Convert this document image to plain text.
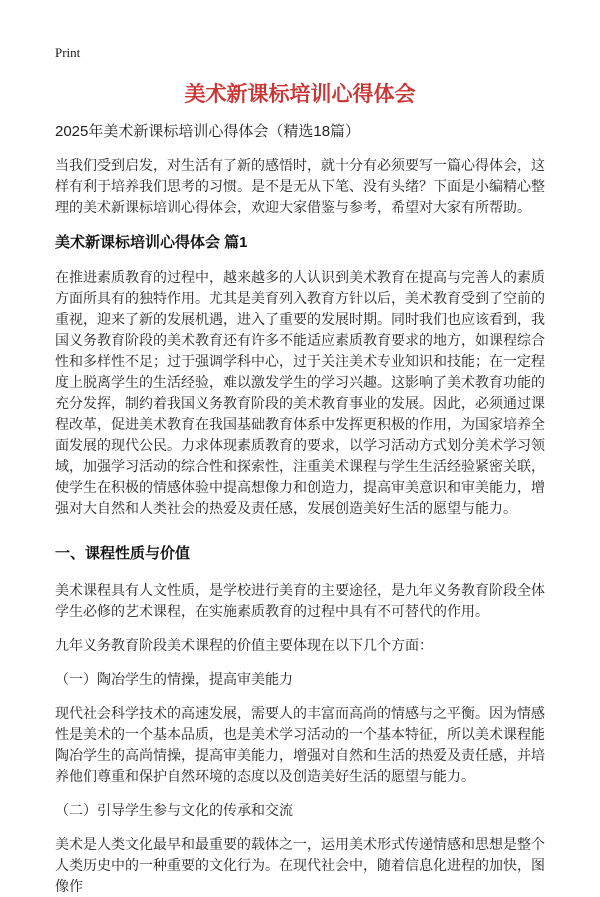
Print
美术新课标培训心得体会
2025年美术新课标培训心得体会（精选18篇）

当我们受到启发，对生活有了新的感悟时，就十分有必须要写一篇心得体会，这样有利于培养我们思考的习惯。是不是无从下笔、没有头绪？下面是小编精心整理的美术新课标培训心得体会，欢迎大家借鉴与参考，希望对大家有所帮助。

美术新课标培训心得体会 篇1

在推进素质教育的过程中，越来越多的人认识到美术教育在提高与完善人的素质方面所具有的独特作用。尤其是美育列入教育方针以后，美术教育受到了空前的重视，迎来了新的发展机遇，进入了重要的发展时期。同时我们也应该看到，我国义务教育阶段的美术教育还有许多不能适应素质教育要求的地方，如课程综合性和多样性不足；过于强调学科中心，过于关注美术专业知识和技能；在一定程度上脱离学生的生活经验，难以激发学生的学习兴趣。这影响了美术教育功能的充分发挥，制约着我国义务教育阶段的美术教育事业的发展。因此，必须通过课程改革，促进美术教育在我国基础教育体系中发挥更积极的作用，为国家培养全面发展的现代公民。力求体现素质教育的要求，以学习活动方式划分美术学习领域，加强学习活动的综合性和探索性，注重美术课程与学生生活经验紧密关联，使学生在积极的情感体验中提高想像力和创造力，提高审美意识和审美能力，增强对大自然和人类社会的热爱及责任感，发展创造美好生活的愿望与能力。

一、课程性质与价值

美术课程具有人文性质，是学校进行美育的主要途径，是九年义务教育阶段全体学生必修的艺术课程，在实施素质教育的过程中具有不可替代的作用。

九年义务教育阶段美术课程的价值主要体现在以下几个方面：

（一）陶冶学生的情操，提高审美能力

现代社会科学技术的高速发展，需要人的丰富而高尚的情感与之平衡。因为情感性是美术的一个基本品质，也是美术学习活动的一个基本特征，所以美术课程能陶冶学生的高尚情操，提高审美能力，增强对自然和生活的热爱及责任感，并培养他们尊重和保护自然环境的态度以及创造美好生活的愿望与能力。

（二）引导学生参与文化的传承和交流

美术是人类文化最早和最重要的载体之一，运用美术形式传递情感和思想是整个人类历史中的一种重要的文化行为。在现代社会中，随着信息化进程的加快，图像作
